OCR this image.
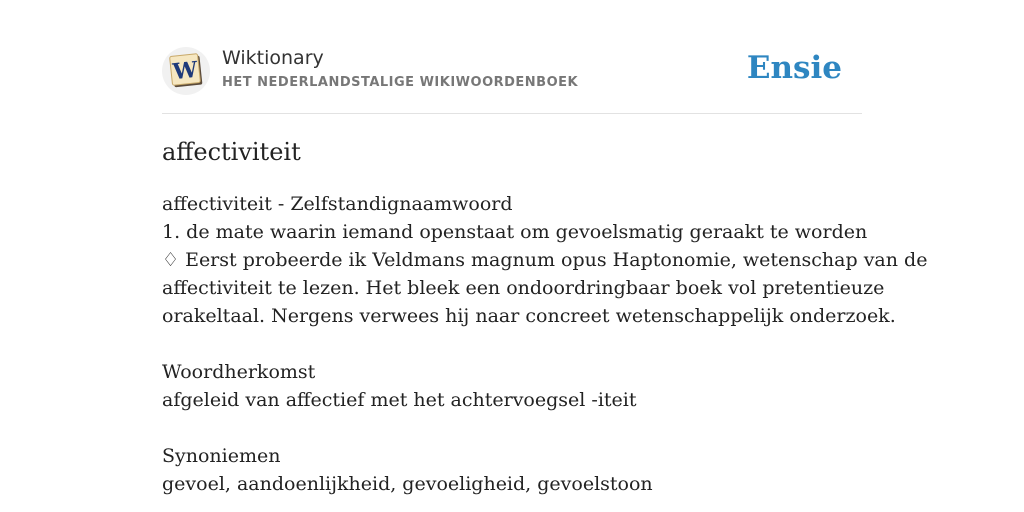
W Wiktionary
HET NEDERLANDSTALIGE WIKIWOORDENBOEK	Ensie
affectiviteit
affectiviteit - Zelfstandignaamwoord
1. de mate waarin iemand openstaat om gevoelsmatig geraakt te worden
♢ Eerst probeerde ik Veldmans magnum opus Haptonomie, wetenschap van de
affectiviteit te lezen. Het bleek een ondoordringbaar boek vol pretentieuze
orakeltaal. Nergens verwees hij naar concreet wetenschappelijk onderzoek.
Woordherkomst
afgeleid van affectief met het achtervoegsel -iteit
Synoniemen
gevoel, aandoenlijkheid, gevoeligheid, gevoelstoon
